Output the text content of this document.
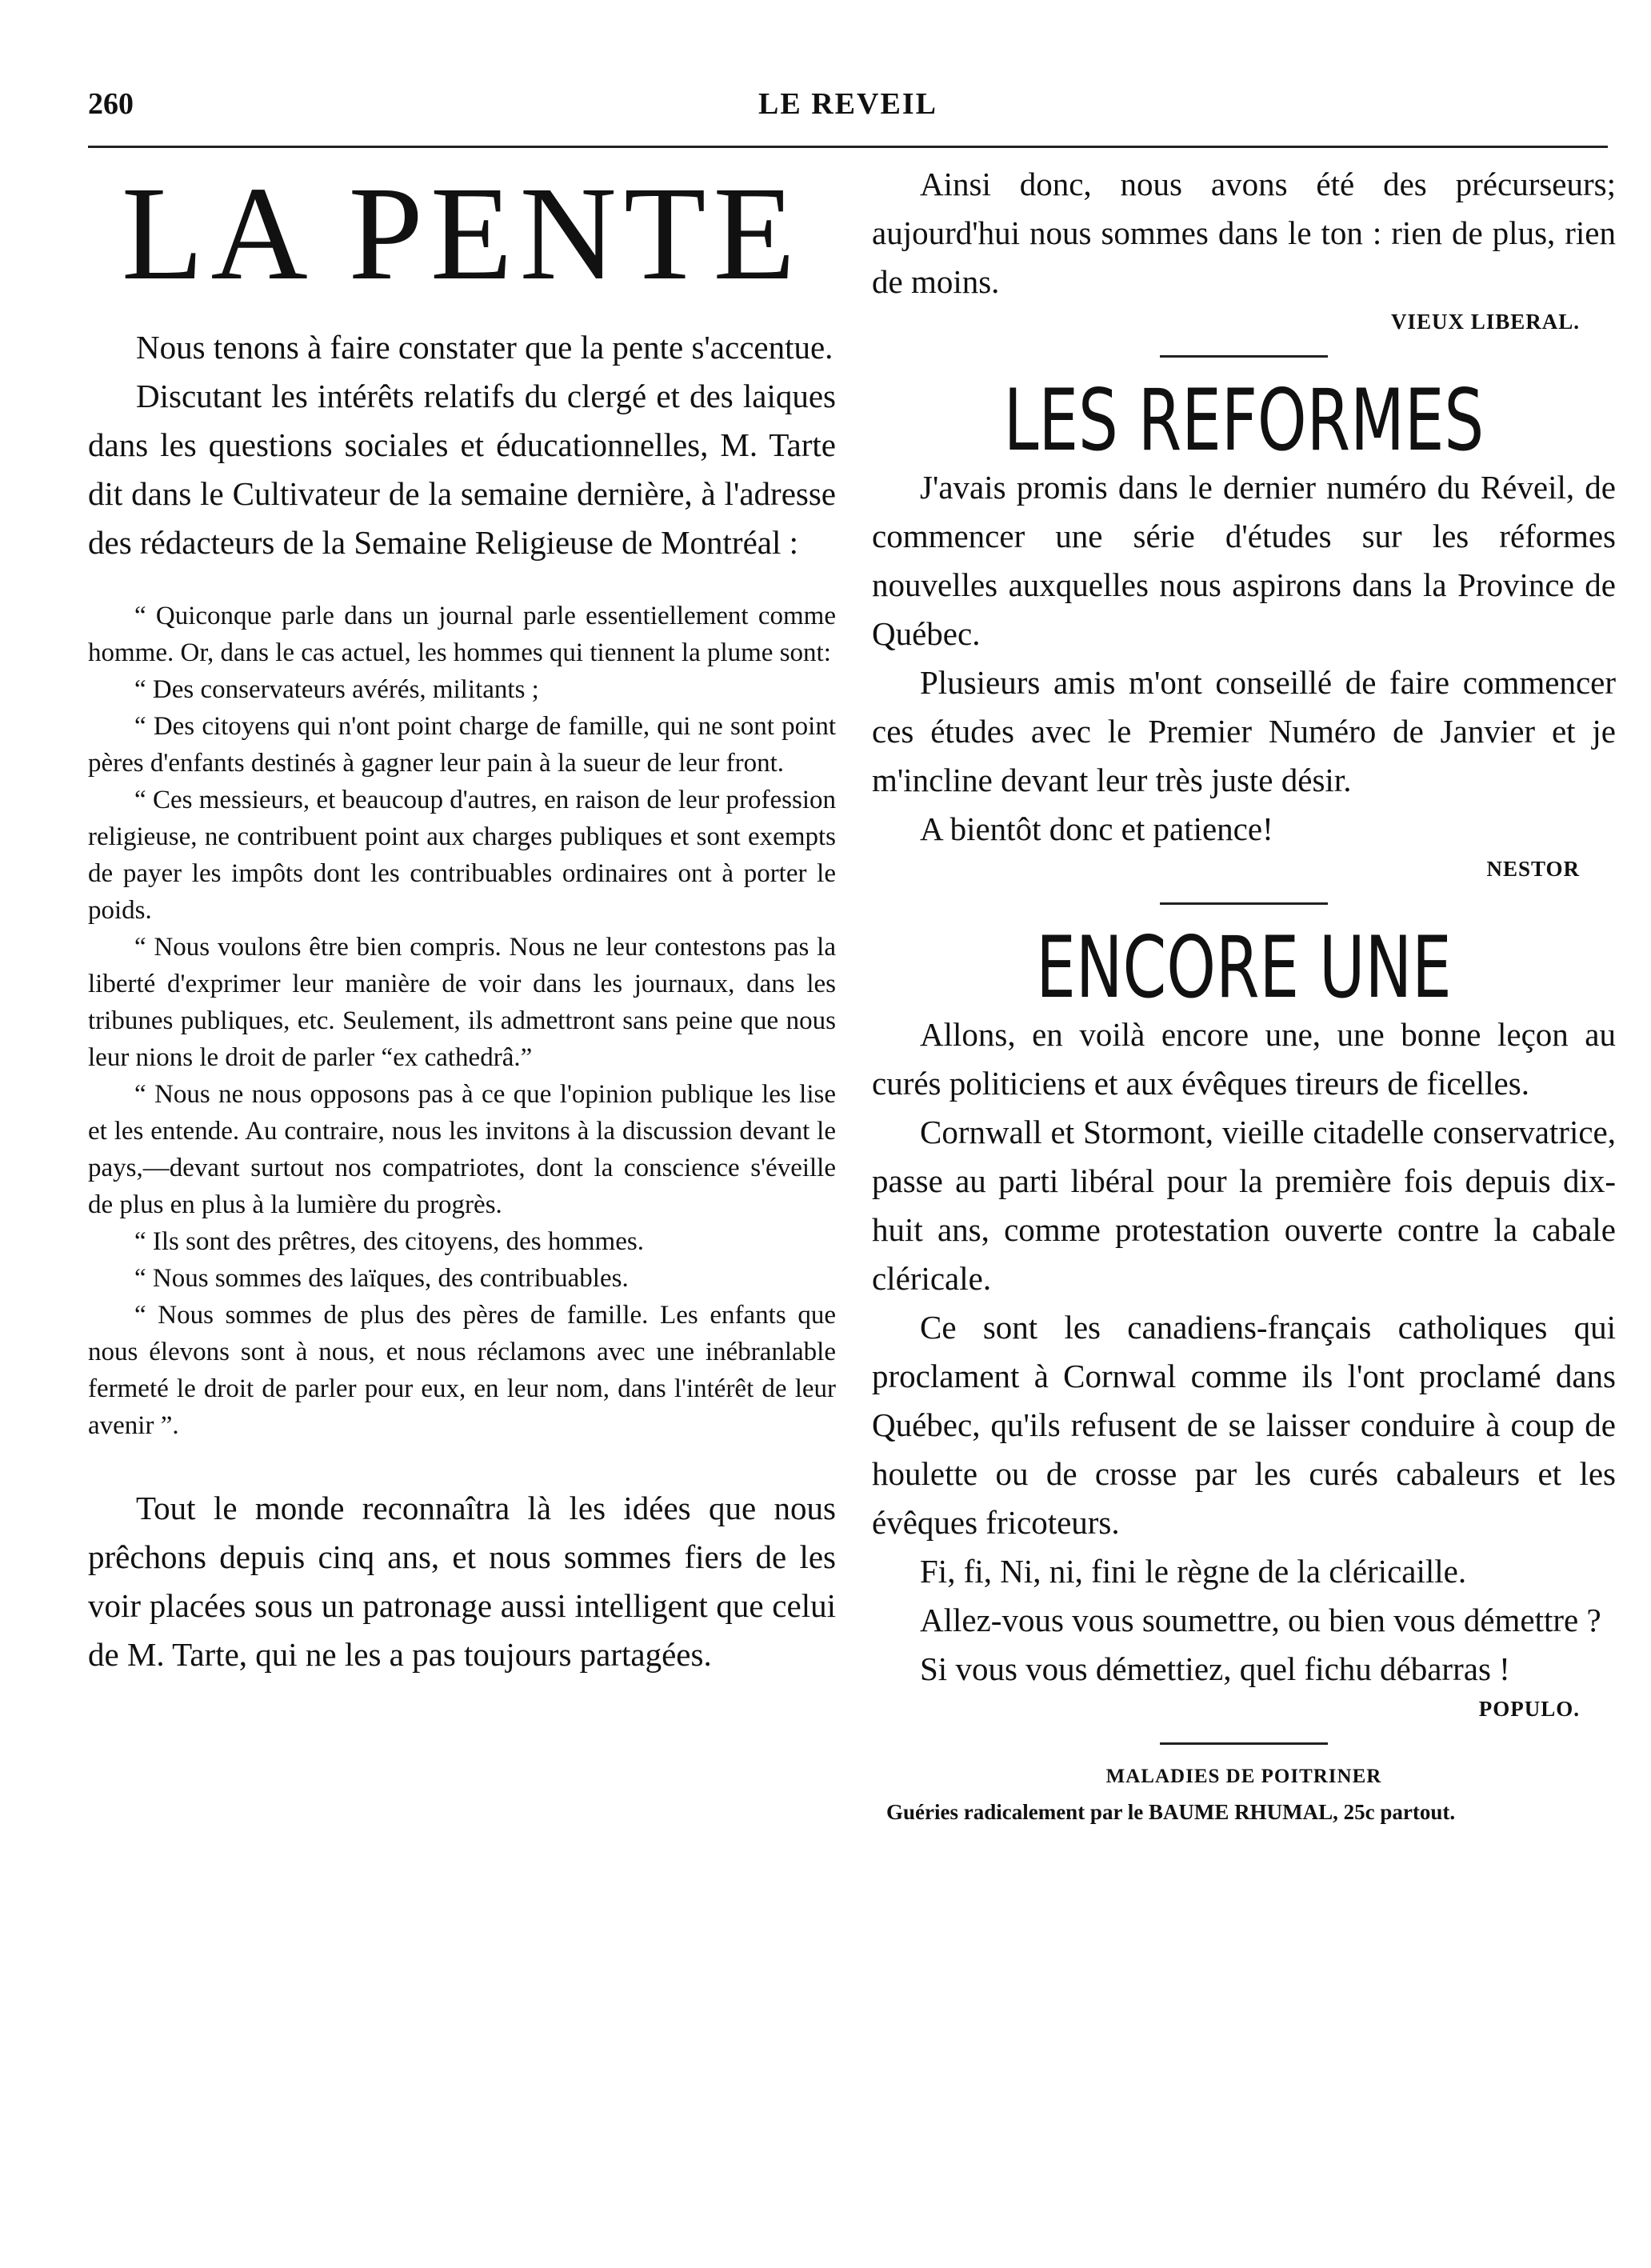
260	LE REVEIL
LA PENTE

Nous tenons à faire constater que la pente s'accentue.

Discutant les intérêts relatifs du clergé et des laiques dans les questions sociales et éducationnelles, M. Tarte dit dans le Cultivateur de la semaine dernière, à l'adresse des rédacteurs de la Semaine Religieuse de Montréal :

“ Quiconque parle dans un journal parle essentiellement comme homme. Or, dans le cas actuel, les hommes qui tiennent la plume sont:

“ Des conservateurs avérés, militants ;

“ Des citoyens qui n'ont point charge de famille, qui ne sont point pères d'enfants destinés à gagner leur pain à la sueur de leur front.

“ Ces messieurs, et beaucoup d'autres, en raison de leur profession religieuse, ne contribuent point aux charges publiques et sont exempts de payer les impôts dont les contribuables ordinaires ont à porter le poids.

“ Nous voulons être bien compris. Nous ne leur contestons pas la liberté d'exprimer leur manière de voir dans les journaux, dans les tribunes publiques, etc. Seulement, ils admettront sans peine que nous leur nions le droit de parler “ex cathedrâ.”

“ Nous ne nous opposons pas à ce que l'opinion publique les lise et les entende. Au contraire, nous les invitons à la discussion devant le pays,—devant surtout nos compatriotes, dont la conscience s'éveille de plus en plus à la lumière du progrès.

“ Ils sont des prêtres, des citoyens, des hommes.

“ Nous sommes des laïques, des contribuables.

“ Nous sommes de plus des pères de famille. Les enfants que nous élevons sont à nous, et nous réclamons avec une inébranlable fermeté le droit de parler pour eux, en leur nom, dans l'intérêt de leur avenir ”.

Tout le monde reconnaîtra là les idées que nous prêchons depuis cinq ans, et nous sommes fiers de les voir placées sous un patronage aussi intelligent que celui de M. Tarte, qui ne les a pas toujours partagées.

Ainsi donc, nous avons été des précurseurs; aujourd'hui nous sommes dans le ton : rien de plus, rien de moins.

VIEUX LIBERAL.
LES REFORMES

J'avais promis dans le dernier numéro du Réveil, de commencer une série d'études sur les réformes nouvelles auxquelles nous aspirons dans la Province de Québec.

Plusieurs amis m'ont conseillé de faire commencer ces études avec le Premier Numéro de Janvier et je m'incline devant leur très juste désir.

A bientôt donc et patience!

NESTOR
ENCORE UNE

Allons, en voilà encore une, une bonne leçon au curés politiciens et aux évêques tireurs de ficelles.

Cornwall et Stormont, vieille citadelle conservatrice, passe au parti libéral pour la première fois depuis dix-huit ans, comme protestation ouverte contre la cabale cléricale.

Ce sont les canadiens-français catholiques qui proclament à Cornwal comme ils l'ont proclamé dans Québec, qu'ils refusent de se laisser conduire à coup de houlette ou de crosse par les curés cabaleurs et les évêques fricoteurs.

Fi, fi, Ni, ni, fini le règne de la cléricaille.

Allez-vous vous soumettre, ou bien vous démettre ?

Si vous vous démettiez, quel fichu débarras !

POPULO.
MALADIES DE POITRINER

Guéries radicalement par le BAUME RHUMAL, 25c partout.
